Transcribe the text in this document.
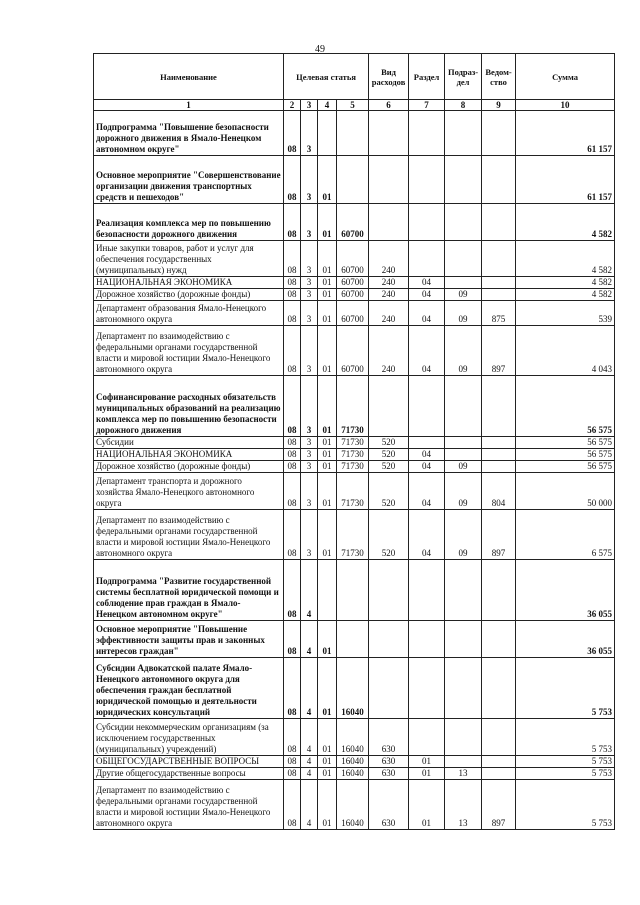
49
Наименование	Целевая статья				Вид расходов	Раздел	Подраз-дел	Ведом-ство	Сумма
1	2	3	4	5	6	7	8	9	10
Подпрограмма "Повышение безопасности дорожного движения в Ямало-Ненецком автономном округе"	08	3							61 157
Основное мероприятие "Совершенствование организации движения транспортных средств и пешеходов"	08	3	01						61 157
Реализация комплекса мер по повышению безопасности дорожного движения	08	3	01	60700					4 582
Иные закупки товаров, работ и услуг для обеспечения государственных (муниципальных) нужд	08	3	01	60700	240				4 582
НАЦИОНАЛЬНАЯ ЭКОНОМИКА	08	3	01	60700	240	04			4 582
Дорожное хозяйство (дорожные фонды)	08	3	01	60700	240	04	09		4 582
Департамент образования Ямало-Ненецкого автономного округа	08	3	01	60700	240	04	09	875	539
Департамент по взаимодействию с федеральными органами государственной власти и мировой юстиции Ямало-Ненецкого автономного округа	08	3	01	60700	240	04	09	897	4 043
Софинансирование расходных обязательств муниципальных образований на реализацию комплекса мер по повышению безопасности дорожного движения	08	3	01	71730					56 575
Субсидии	08	3	01	71730	520				56 575
НАЦИОНАЛЬНАЯ ЭКОНОМИКА	08	3	01	71730	520	04			56 575
Дорожное хозяйство (дорожные фонды)	08	3	01	71730	520	04	09		56 575
Департамент транспорта и дорожного хозяйства Ямало-Ненецкого автономного округа	08	3	01	71730	520	04	09	804	50 000
Департамент по взаимодействию с федеральными органами государственной власти и мировой юстиции Ямало-Ненецкого автономного округа	08	3	01	71730	520	04	09	897	6 575
Подпрограмма "Развитие государственной системы бесплатной юридической помощи и соблюдение прав граждан в Ямало-Ненецком автономном округе"	08	4							36 055
Основное мероприятие "Повышение эффективности защиты прав и законных интересов граждан"	08	4	01						36 055
Субсидии Адвокатской палате Ямало-Ненецкого автономного округа для обеспечения граждан бесплатной юридической помощью и деятельности юридических консультаций	08	4	01	16040					5 753
Субсидии некоммерческим организациям (за исключением государственных (муниципальных) учреждений)	08	4	01	16040	630				5 753
ОБЩЕГОСУДАРСТВЕННЫЕ ВОПРОСЫ	08	4	01	16040	630	01			5 753
Другие общегосударственные вопросы	08	4	01	16040	630	01	13		5 753
Департамент по взаимодействию с федеральными органами государственной власти и мировой юстиции Ямало-Ненецкого автономного округа	08	4	01	16040	630	01	13	897	5 753
